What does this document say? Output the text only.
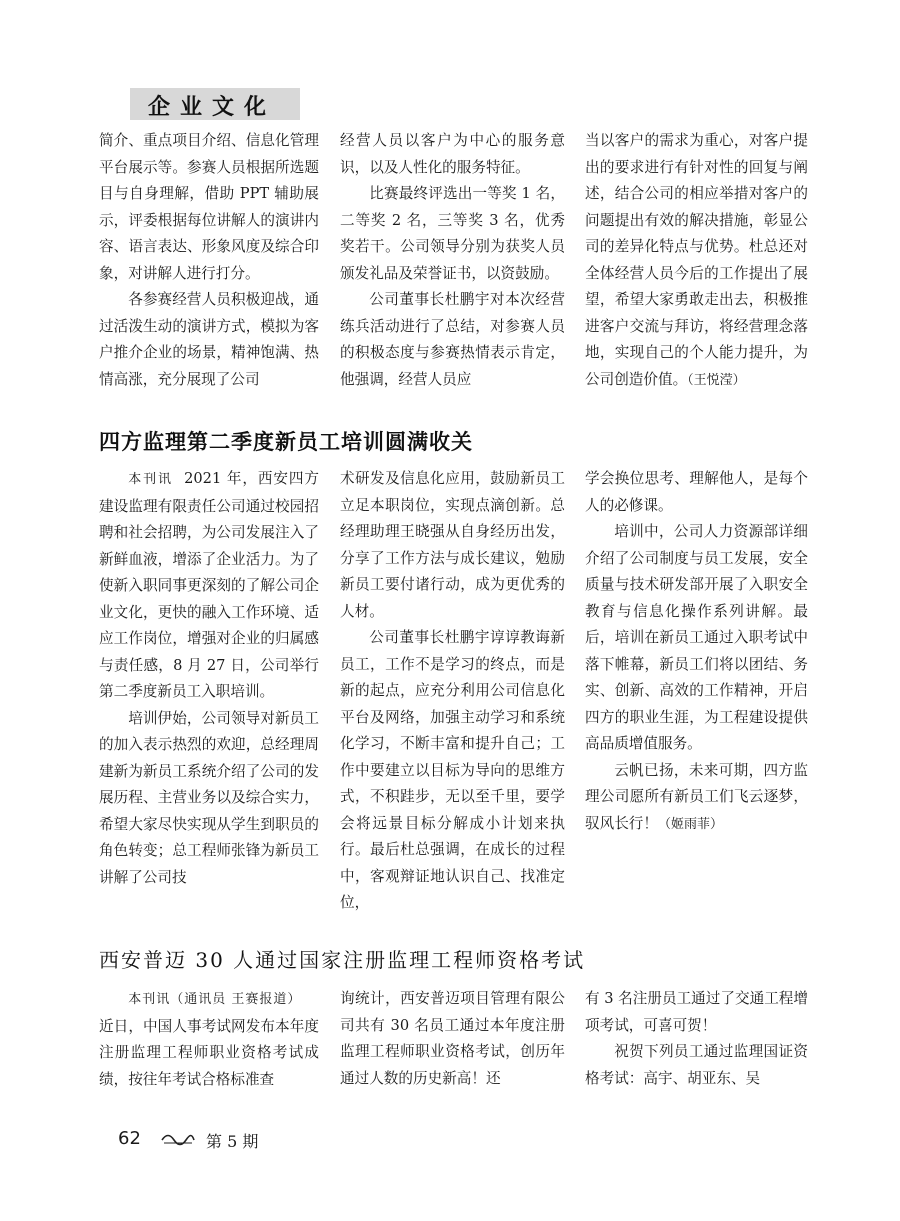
企业文化

简介、重点项目介绍、信息化管理平台展示等。参赛人员根据所选题目与自身理解，借助 PPT 辅助展示，评委根据每位讲解人的演讲内容、语言表达、形象风度及综合印象，对讲解人进行打分。

各参赛经营人员积极迎战，通过活泼生动的演讲方式，模拟为客户推介企业的场景，精神饱满、热情高涨，充分展现了公司

经营人员以客户为中心的服务意识，以及人性化的服务特征。

比赛最终评选出一等奖 1 名，二等奖 2 名，三等奖 3 名，优秀奖若干。公司领导分别为获奖人员颁发礼品及荣誉证书，以资鼓励。

公司董事长杜鹏宇对本次经营练兵活动进行了总结，对参赛人员的积极态度与参赛热情表示肯定，他强调，经营人员应

当以客户的需求为重心，对客户提出的要求进行有针对性的回复与阐述，结合公司的相应举措对客户的问题提出有效的解决措施，彰显公司的差异化特点与优势。杜总还对全体经营人员今后的工作提出了展望，希望大家勇敢走出去，积极推进客户交流与拜访，将经营理念落地，实现自己的个人能力提升，为公司创造价值。（王悦滢）

四方监理第二季度新员工培训圆满收关

本刊讯 2021 年，西安四方建设监理有限责任公司通过校园招聘和社会招聘，为公司发展注入了新鲜血液，增添了企业活力。为了使新入职同事更深刻的了解公司企业文化，更快的融入工作环境、适应工作岗位，增强对企业的归属感与责任感，8 月 27 日，公司举行第二季度新员工入职培训。

培训伊始，公司领导对新员工的加入表示热烈的欢迎，总经理周建新为新员工系统介绍了公司的发展历程、主营业务以及综合实力，希望大家尽快实现从学生到职员的角色转变；总工程师张锋为新员工讲解了公司技

术研发及信息化应用，鼓励新员工立足本职岗位，实现点滴创新。总经理助理王晓强从自身经历出发，分享了工作方法与成长建议，勉励新员工要付诸行动，成为更优秀的人材。

公司董事长杜鹏宇谆谆教诲新员工，工作不是学习的终点，而是新的起点，应充分利用公司信息化平台及网络，加强主动学习和系统化学习，不断丰富和提升自己；工作中要建立以目标为导向的思维方式，不积跬步，无以至千里，要学会将远景目标分解成小计划来执行。最后杜总强调，在成长的过程中，客观辩证地认识自己、找准定位，

学会换位思考、理解他人，是每个人的必修课。

培训中，公司人力资源部详细介绍了公司制度与员工发展，安全质量与技术研发部开展了入职安全教育与信息化操作系列讲解。最后，培训在新员工通过入职考试中落下帷幕，新员工们将以团结、务实、创新、高效的工作精神，开启四方的职业生涯，为工程建设提供高品质增值服务。

云帆已扬，未来可期，四方监理公司愿所有新员工们飞云逐梦，驭风长行！（姬雨菲）

西安普迈 30 人通过国家注册监理工程师资格考试

本刊讯（通讯员 王赛报道）

近日，中国人事考试网发布本年度注册监理工程师职业资格考试成绩，按往年考试合格标准查

询统计，西安普迈项目管理有限公司共有 30 名员工通过本年度注册监理工程师职业资格考试，创历年通过人数的历史新高！还

有 3 名注册员工通过了交通工程增项考试，可喜可贺！

祝贺下列员工通过监理国证资格考试：高宇、胡亚东、吴

62	第 5 期
